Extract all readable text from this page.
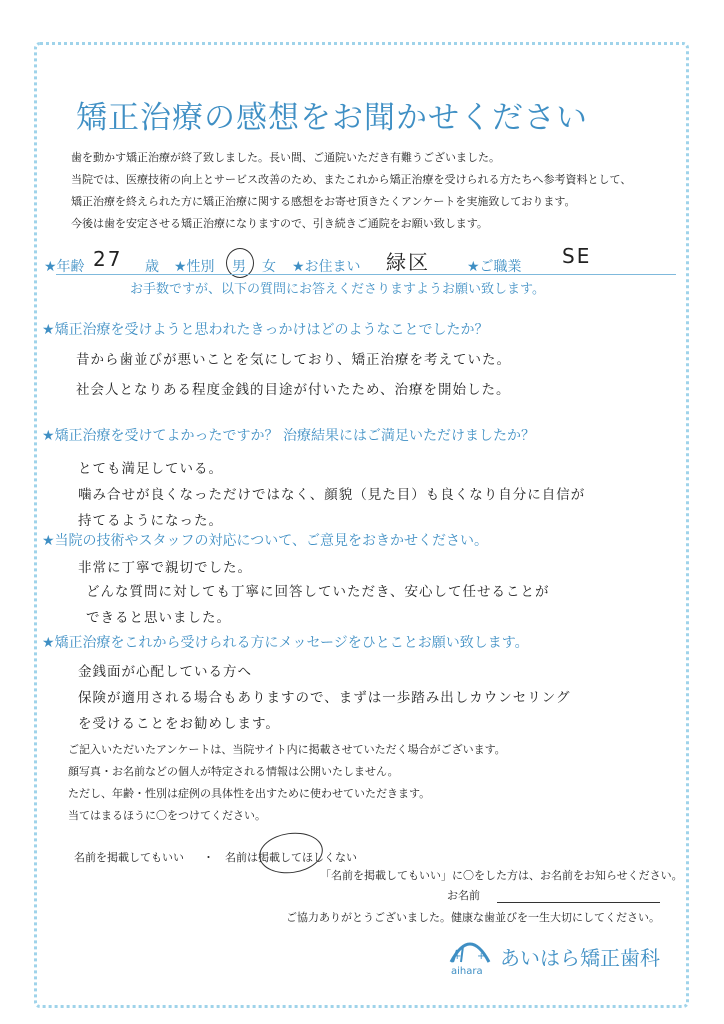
矯正治療の感想をお聞かせください
歯を動かす矯正治療が終了致しました。長い間、ご通院いただき有難うございました。
当院では、医療技術の向上とサービス改善のため、またこれから矯正治療を受けられる方たちへ参考資料として、
矯正治療を終えられた方に矯正治療に関する感想をお寄せ頂きたくアンケートを実施致しております。
今後は歯を安定させる矯正治療になりますので、引き続きご通院をお願い致します。
★年齢 27 歳 ★性別 男 女 ★お住まい 緑区	★ご職業 SE
お手数ですが、以下の質問にお答えくださりますようお願い致します。
★矯正治療を受けようと思われたきっかけはどのようなことでしたか？
昔から歯並びが悪いことを気にしており、矯正治療を考えていた。
社会人となりある程度金銭的目途が付いたため、治療を開始した。
★矯正治療を受けてよかったですか？ 治療結果にはご満足いただけましたか？
とても満足している。
噛み合せが良くなっただけではなく、顔貌（見た目）も良くなり自分に自信が
持てるようになった。
★当院の技術やスタッフの対応について、ご意見をおきかせください。
非常に丁寧で親切でした。
どんな質問に対しても丁寧に回答していただき、安心して任せることが
できると思いました。
★矯正治療をこれから受けられる方にメッセージをひとことお願い致します。
金銭面が心配している方へ
保険が適用される場合もありますので、まずは一歩踏み出しカウンセリング
を受けることをお勧めします。
ご記入いただいたアンケートは、当院サイト内に掲載させていただく場合がございます。
顔写真・お名前などの個人が特定される情報は公開いたしません。
ただし、年齢・性別は症例の具体性を出すために使わせていただきます。
当てはまるほうに〇をつけてください。
名前を掲載してもいい ・ 名前は掲載してほしくない
「名前を掲載してもいい」に〇をした方は、お名前をお知らせください。
お名前
ご協力ありがとうございました。健康な歯並びを一生大切にしてください。
+ +
aihara
あいはら矯正歯科
